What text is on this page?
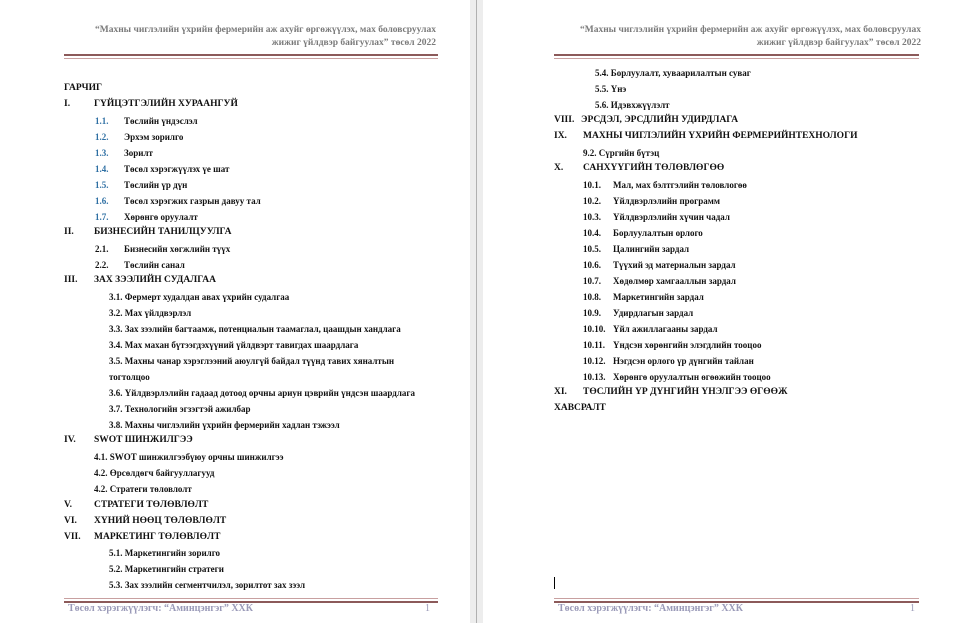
“Махны чиглэлийн үхрийн фермерийн аж ахуйг өргөжүүлэх, мах боловсруулах
жижиг үйлдвэр байгуулах” төсөл 2022
ГАРЧИГ
I.	ГҮЙЦЭТГЭЛИЙН ХУРААНГУЙ
1.1. Төслийн үндэслэл
1.2. Эрхэм зорилго
1.3. Зорилт
1.4. Төсөл хэрэгжүүлэх үе шат
1.5. Төслийн үр дүн
1.6. Төсөл хэрэгжих газрын давуу тал
1.7. Хөрөнгө оруулалт
II. БИЗНЕСИЙН ТАНИЛЦУУЛГА
2.1. Бизнесийн хөгжлийн түүх
2.2. Төслийн санал
III. ЗАХ ЗЭЭЛИЙН СУДАЛГАА
3.1. Фермерт худалдан авах үхрийн судалгаа
3.2. Мах үйлдвэрлэл
3.3. Зах зээлийн багтаамж, потенциалын таамаглал, цаашдын хандлага
3.4. Мах махан бүтээгдэхүүний үйлдвэрт тавигдах шаардлага
3.5. Махны чанар хэрэглээний аюулгүй байдал түүнд тавих хяналтын
тогтолцоо
3.6. Үйлдвэрлэлийн гадаад дотоод орчны ариун цэврийн үндсэн шаардлага
3.7. Технологийн эгзэгтэй ажилбар
3.8. Махны чиглэлийн үхрийн фермерийн хадлан тэжээл
IV. SWOT ШИНЖИЛГЭЭ
4.1. SWOT шинжилгээбүюу орчны шинжилгээ
4.2. Өрсөлдөгч байгууллагууд
4.2. Стратеги төловлолт
V. СТРАТЕГИ ТӨЛӨВЛӨЛТ
VI. ХҮНИЙ НӨӨЦ ТӨЛӨВЛӨЛТ
VII. МАРКЕТИНГ ТӨЛӨВЛӨЛТ
5.1. Маркетингийн зорилго
5.2. Маркетингийн стратеги
5.3. Зах зээлийн сегментчилэл, зорилтот зах зээл
Төсөл хэрэгжүүлэгч: “Аминцэнгэг” ХХК	1
“Махны чиглэлийн үхрийн фермерийн аж ахуйг өргөжүүлэх, мах боловсруулах
жижиг үйлдвэр байгуулах” төсөл 2022
5.4. Борлуулалт, хуваарилалтын суваг
5.5. Үнэ
5.6. Идэвхжүүлэлт
VIII. ЭРСДЭЛ, ЭРСДЛИЙН УДИРДЛАГА
IX. МАХНЫ ЧИГЛЭЛИЙН ҮХРИЙН ФЕРМЕРИЙНТЕХНОЛОГИ
9.2. Сүргийн бүтэц
X. САНХҮҮГИЙН ТӨЛӨВЛӨГӨӨ
10.1. Мал, мах бэлтгэлийн төловлогөө
10.2. Үйлдвэрлэлийн программ
10.3. Үйлдвэрлэлийн хүчин чадал
10.4. Борлуулалтын орлого
10.5. Цалингийн зардал
10.6. Түүхий эд материалын зардал
10.7. Хөдөлмөр хамгааллын зардал
10.8. Маркетингийн зардал
10.9. Удирдлагын зардал
10.10. Үйл ажиллагааны зардал
10.11. Үндсэн хөрөнгийн элэгдлийн тооцоо
10.12. Нэгдсэн орлого үр дүнгийн тайлан
10.13. Хөрөнгө оруулалтын өгөөжийн тооцоо
XI. ТӨСЛИЙН ҮР ДҮНГИЙН ҮНЭЛГЭЭ ӨГӨӨЖ
ХАВСРАЛТ
Төсөл хэрэгжүүлэгч: “Аминцэнгэг” ХХК	1
